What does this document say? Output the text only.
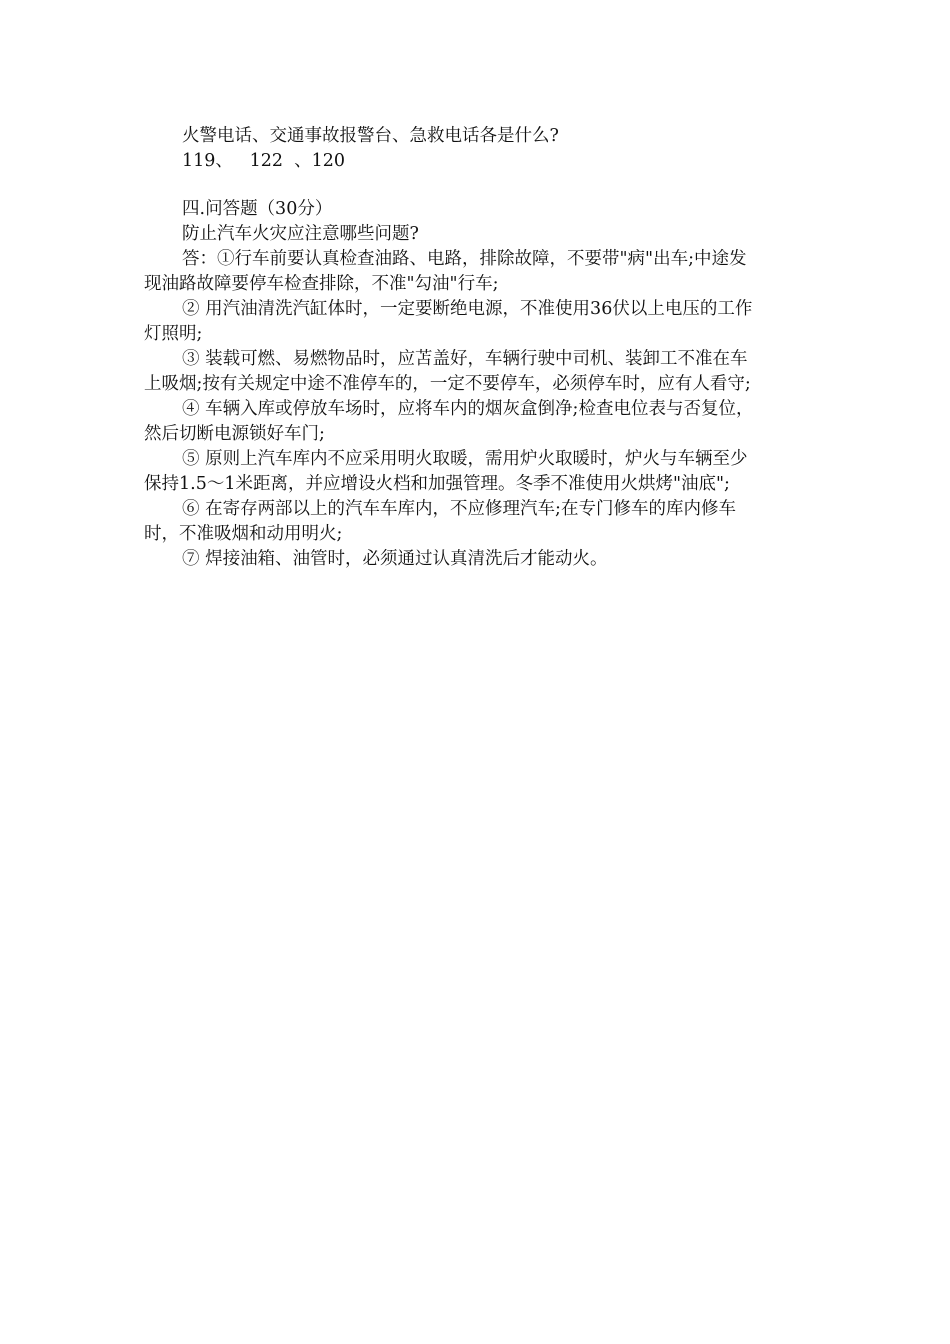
火警电话、交通事故报警台、急救电话各是什么?
119、   122  、120
四.问答题（30分）
防止汽车火灾应注意哪些问题?
答：①行车前要认真检查油路、电路，排除故障，不要带"病"出车;中途发
现油路故障要停车检查排除，不准"勾油"行车;
② 用汽油清洗汽缸体时，一定要断绝电源，不准使用36伏以上电压的工作
灯照明;
③ 装载可燃、易燃物品时，应苫盖好，车辆行驶中司机、装卸工不准在车
上吸烟;按有关规定中途不准停车的，一定不要停车，必须停车时，应有人看守;
④ 车辆入库或停放车场时，应将车内的烟灰盒倒净;检查电位表与否复位，
然后切断电源锁好车门;
⑤ 原则上汽车库内不应采用明火取暖，需用炉火取暖时，炉火与车辆至少
保持1.5～1米距离，并应增设火档和加强管理。冬季不准使用火烘烤"油底";
⑥ 在寄存两部以上的汽车车库内，不应修理汽车;在专门修车的库内修车
时，不准吸烟和动用明火;
⑦ 焊接油箱、油管时，必须通过认真清洗后才能动火。
